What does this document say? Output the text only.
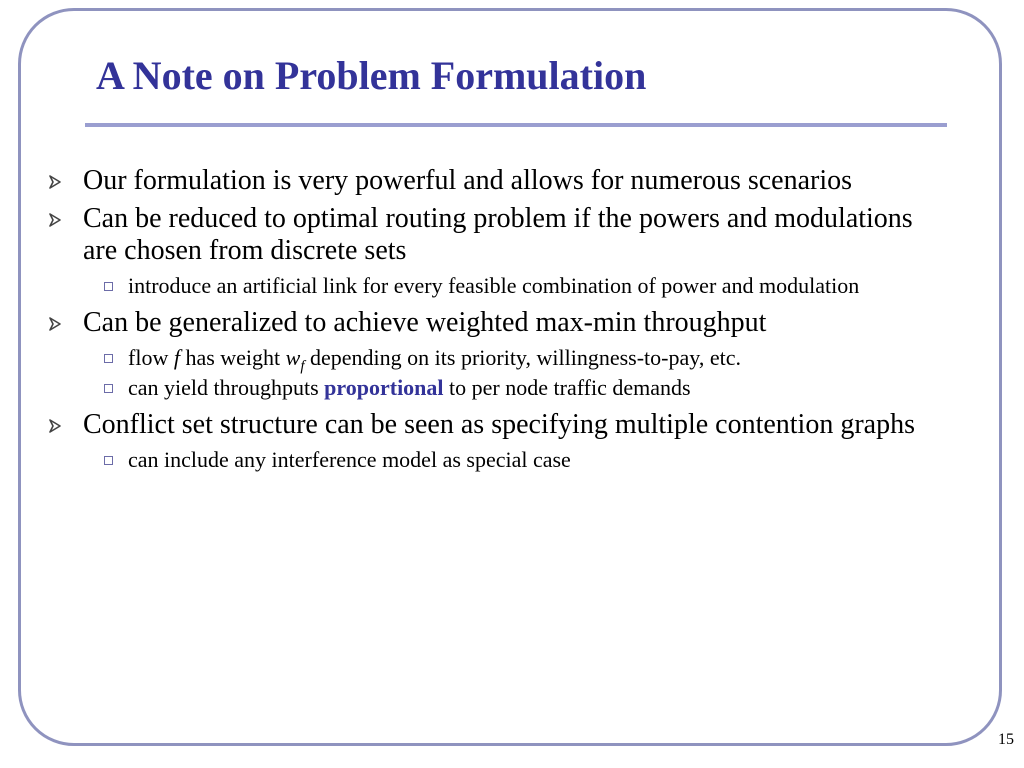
A Note on Problem Formulation
Our formulation is very powerful and allows for numerous scenarios
Can be reduced to optimal routing problem if the powers and modulations are chosen from discrete sets
introduce an artificial link for every feasible combination of power and modulation
Can be generalized to achieve weighted max-min throughput
flow f has weight $w_f$ depending on its priority, willingness-to-pay, etc.
can yield throughputs proportional to per node traffic demands
Conflict set structure can be seen as specifying multiple contention graphs
can include any interference model as special case
15
